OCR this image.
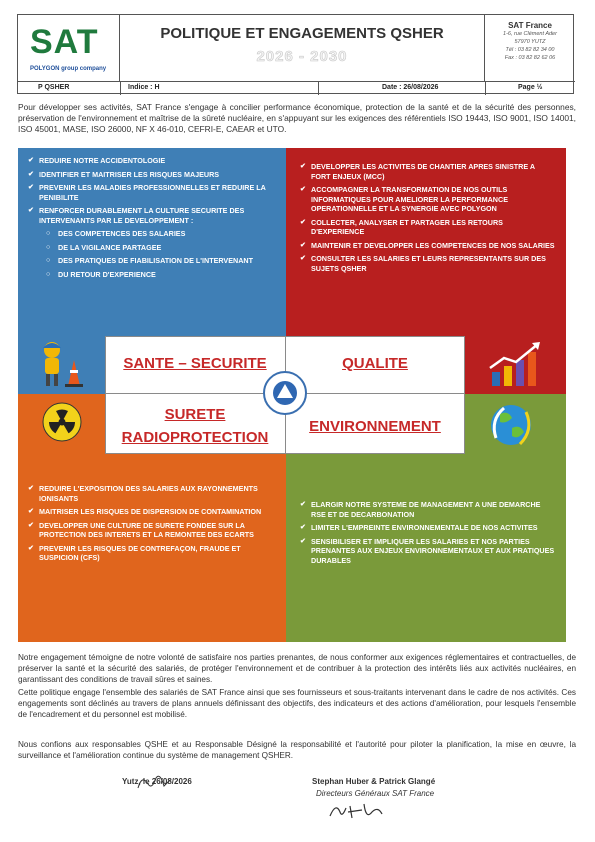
SAT
POLYGON group company
POLITIQUE ET ENGAGEMENTS QSHER
2026 - 2030
SAT France
1-6, rue Clément Ader
57970 YUTZ
Tél : 03 82 82 34 00
Fax : 03 82 82 62 06
P QSHER	Indice : H	Date : 26/08/2026	Page ½
Pour développer ses activités, SAT France s'engage à concilier performance économique, protection de la santé et de la sécurité des personnes, préservation de l'environnement et maîtrise de la sûreté nucléaire, en s'appuyant sur les exigences des référentiels ISO 19443, ISO 9001, ISO 14001, ISO 45001, MASE, ISO 26000, NF X 46-010, CEFRI-E, CAEAR et UTO.
✔ REDUIRE NOTRE ACCIDENTOLOGIE
✔ IDENTIFIER ET MAITRISER LES RISQUES MAJEURS
✔ PREVENIR LES MALADIES PROFESSIONNELLES ET REDUIRE LA PENIBILITE
✔ RENFORCER DURABLEMENT LA CULTURE SECURITE DES INTERVENANTS PAR LE DEVELOPPEMENT :
○ DES COMPETENCES DES SALARIES
○ DE LA VIGILANCE PARTAGEE
○ DES PRATIQUES DE FIABILISATION DE L'INTERVENANT
○ DU RETOUR D'EXPERIENCE
✔ DEVELOPPER LES ACTIVITES DE CHANTIER APRES SINISTRE A FORT ENJEUX (MCC)
✔ ACCOMPAGNER LA TRANSFORMATION DE NOS OUTILS INFORMATIQUES POUR AMELIORER LA PERFORMANCE OPERATIONNELLE ET LA SYNERGIE AVEC POLYGON
✔ COLLECTER, ANALYSER ET PARTAGER LES RETOURS D'EXPERIENCE
✔ MAINTENIR ET DEVELOPPER LES COMPETENCES DE NOS SALARIES
✔ CONSULTER LES SALARIES ET LEURS REPRESENTANTS SUR DES SUJETS QSHER
✔ REDUIRE L'EXPOSITION DES SALARIES AUX RAYONNEMENTS IONISANTS
✔ MAITRISER LES RISQUES DE DISPERSION DE CONTAMINATION
✔ DEVELOPPER UNE CULTURE DE SURETE FONDEE SUR LA PROTECTION DES INTERETS ET LA REMONTEE DES ECARTS
✔ PREVENIR LES RISQUES DE CONTREFAÇON, FRAUDE ET SUSPICION (CFS)
✔ ELARGIR NOTRE SYSTEME DE MANAGEMENT A UNE DEMARCHE RSE ET DE DECARBONATION
✔ LIMITER L'EMPREINTE ENVIRONNEMENTALE DE NOS ACTIVITES
✔ SENSIBILISER ET IMPLIQUER LES SALARIES ET NOS PARTIES PRENANTES AUX ENJEUX ENVIRONNEMENTAUX ET AUX PRATIQUES DURABLES
SANTE – SECURITE	QUALITE
SURETE
RADIOPROTECTION
ENVIRONNEMENT
Notre engagement témoigne de notre volonté de satisfaire nos parties prenantes, de nous conformer aux exigences réglementaires et contractuelles, de préserver la santé et la sécurité des salariés, de protéger l'environnement et de contribuer à la protection des intérêts liés aux activités nucléaires, en garantissant des conditions de travail sûres et saines.
Cette politique engage l'ensemble des salariés de SAT France ainsi que ses fournisseurs et sous-traitants intervenant dans le cadre de nos activités. Ces engagements sont déclinés au travers de plans annuels définissant des objectifs, des indicateurs et des actions d'amélioration, pour lesquels l'ensemble de l'encadrement et du personnel est mobilisé.
Nous confions aux responsables QSHE et au Responsable Désigné la responsabilité et l'autorité pour piloter la planification, la mise en œuvre, la surveillance et l'amélioration continue du système de management QSHER.
Yutz, le 26/08/2026	Stephan Huber & Patrick Glangé
Directeurs Généraux SAT France
